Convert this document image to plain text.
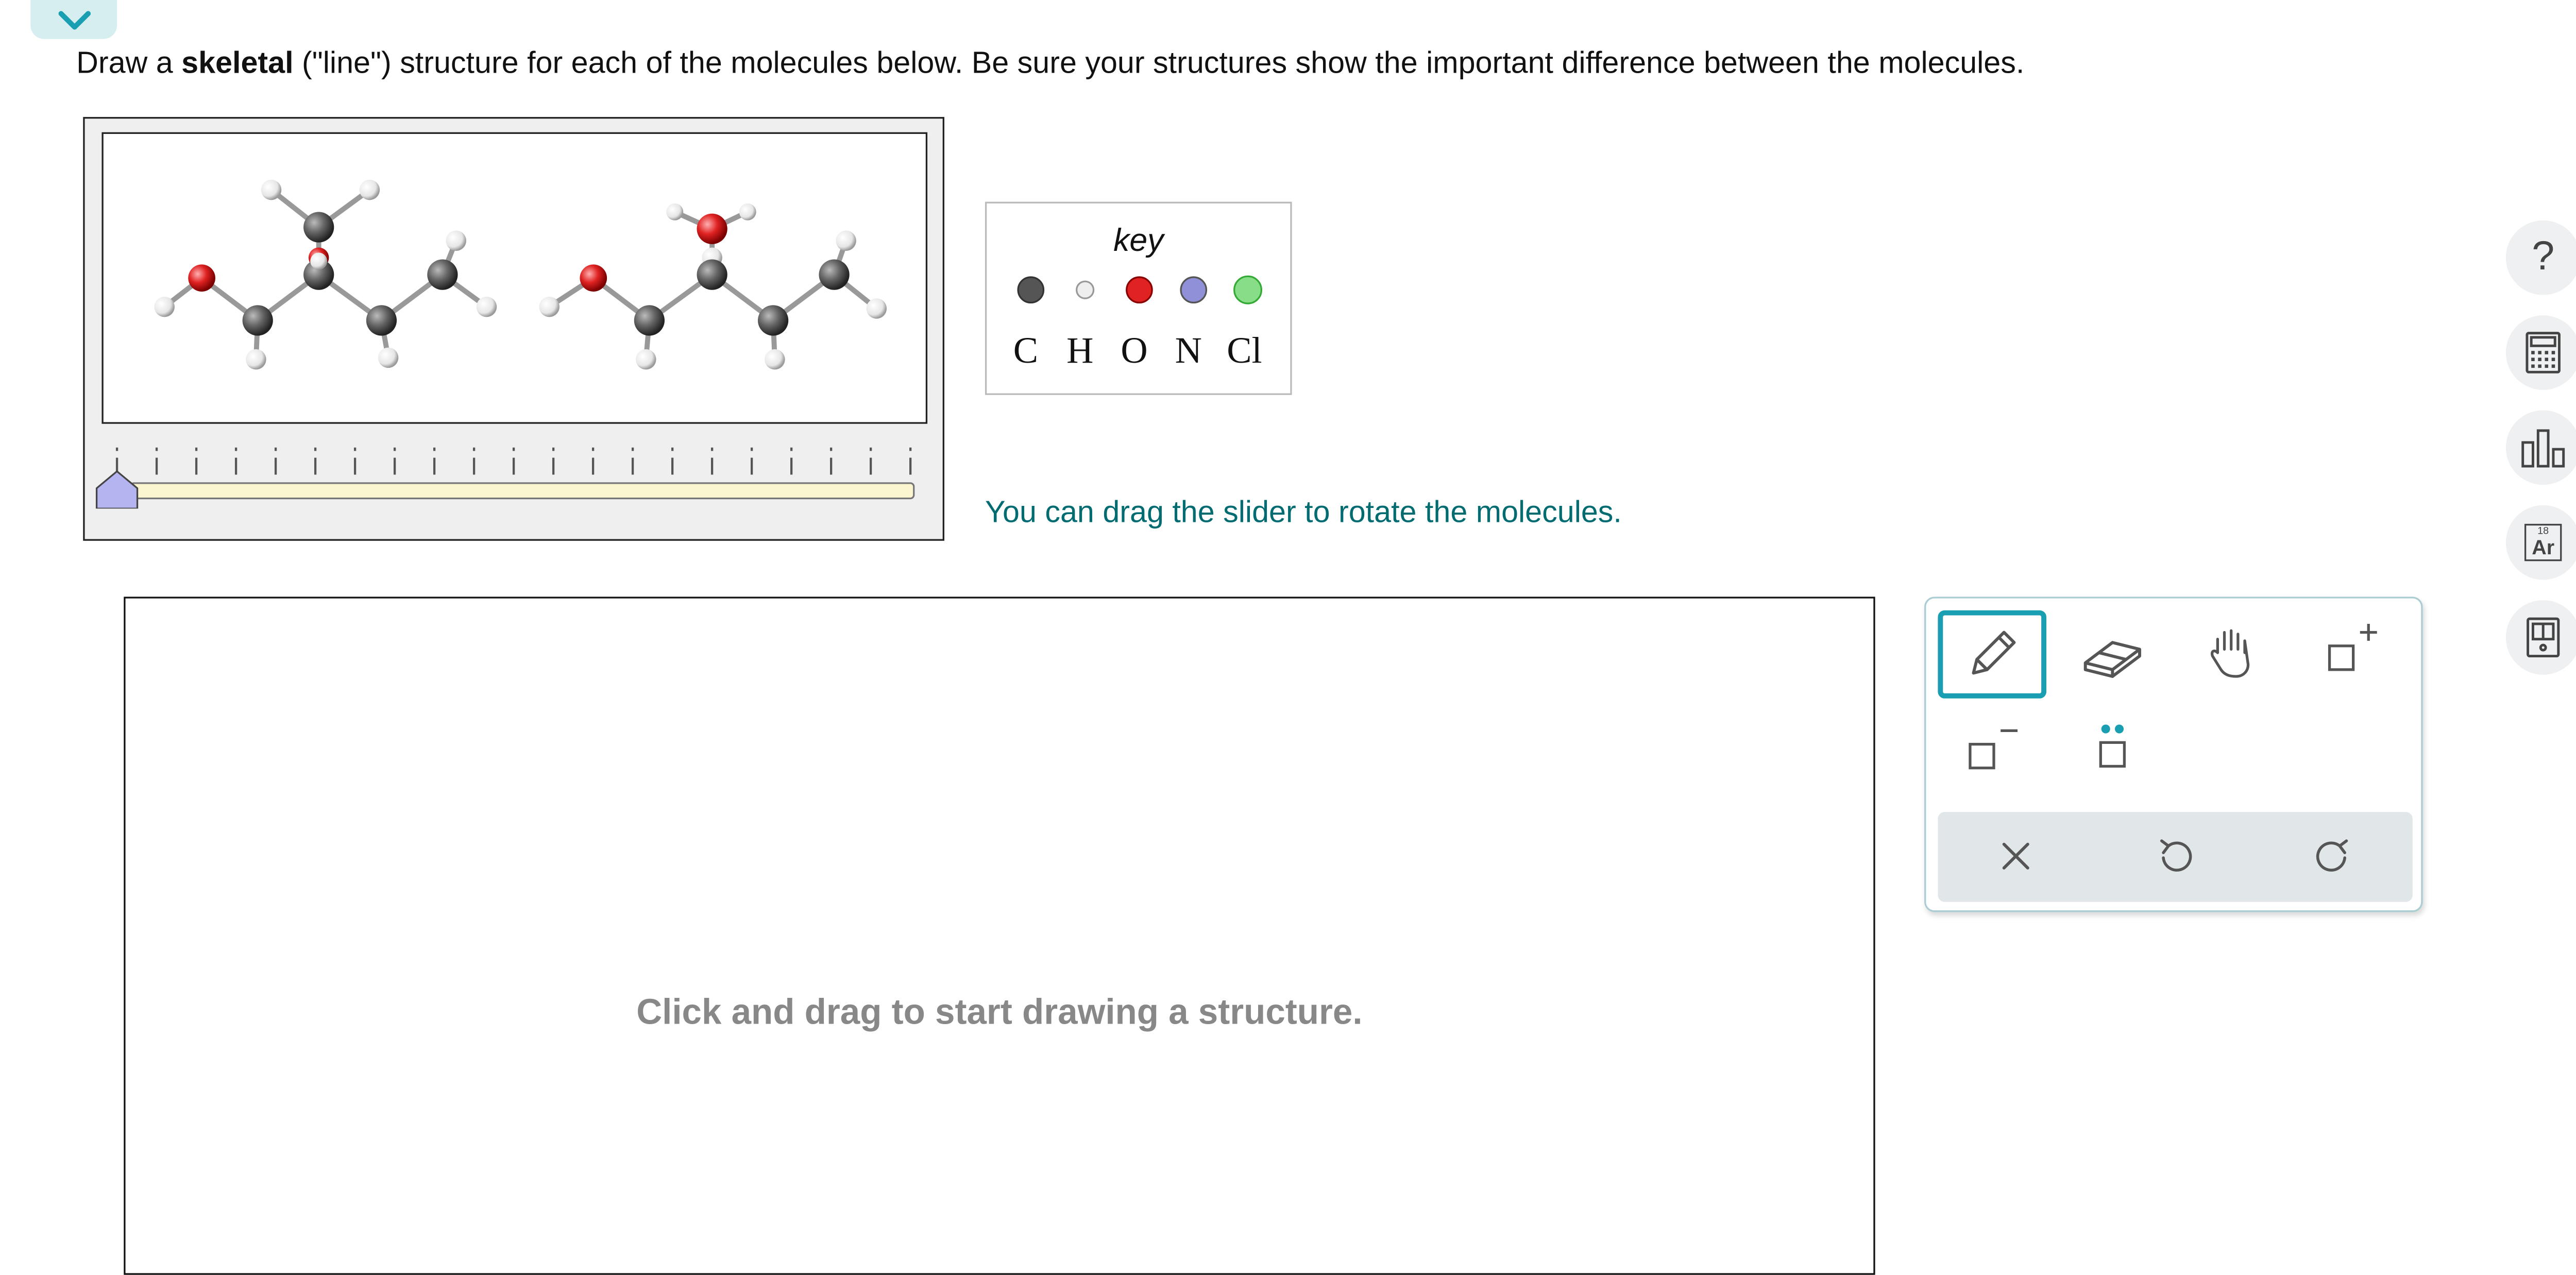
Draw a skeletal ("line") structure for each of the molecules below. Be sure your structures show the important difference between the molecules.
key
C	H	O	N	Cl
You can drag the slider to rotate the molecules.
Click and drag to start drawing a structure.
?
18
Ar
